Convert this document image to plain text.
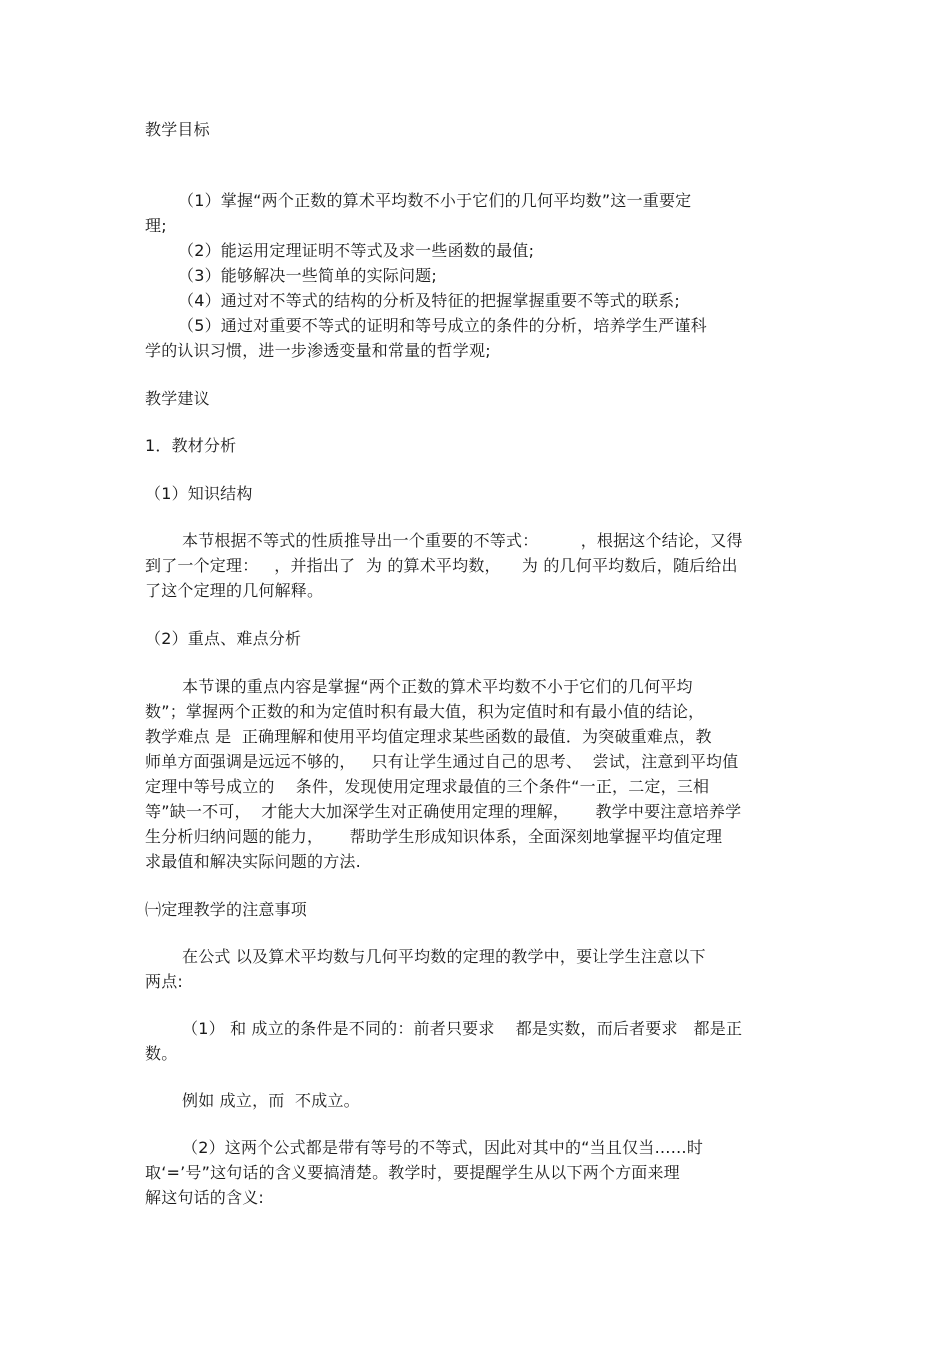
教学目标
（1）掌握“两个正数的算术平均数不小于它们的几何平均数”这一重要定
理;
（2）能运用定理证明不等式及求一些函数的最值;
（3）能够解决一些简单的实际问题;
（4）通过对不等式的结构的分析及特征的把握掌握重要不等式的联系;
（5）通过对重要不等式的证明和等号成立的条件的分析，培养学生严谨科
学的认识习惯，进一步渗透变量和常量的哲学观;
教学建议
1．教材分析
（1）知识结构
本节根据不等式的性质推导出一个重要的不等式：        ，根据这个结论，又得
到了一个定理：   ，并指出了  为 的算术平均数，    为 的几何平均数后，随后给出
了这个定理的几何解释。
（2）重点、难点分析
本节课的重点内容是掌握“两个正数的算术平均数不小于它们的几何平均
数”；掌握两个正数的和为定值时积有最大值，积为定值时和有最小值的结论，
教学难点 是  正确理解和使用平均值定理求某些函数的最值．为突破重难点，教
师单方面强调是远远不够的，   只有让学生通过自己的思考、  尝试，注意到平均值
定理中等号成立的    条件，发现使用定理求最值的三个条件“一正，二定，三相
等”缺一不可，  才能大大加深学生对正确使用定理的理解，     教学中要注意培养学
生分析归纳问题的能力，     帮助学生形成知识体系，全面深刻地掌握平均值定理
求最值和解决实际问题的方法.
㈠定理教学的注意事项
在公式 以及算术平均数与几何平均数的定理的教学中，要让学生注意以下
两点:
（1） 和 成立的条件是不同的：前者只要求    都是实数，而后者要求   都是正
数。
例如 成立，而  不成立。
（2）这两个公式都是带有等号的不等式，因此对其中的“当且仅当……时
取‘=’号”这句话的含义要搞清楚。教学时，要提醒学生从以下两个方面来理
解这句话的含义:
